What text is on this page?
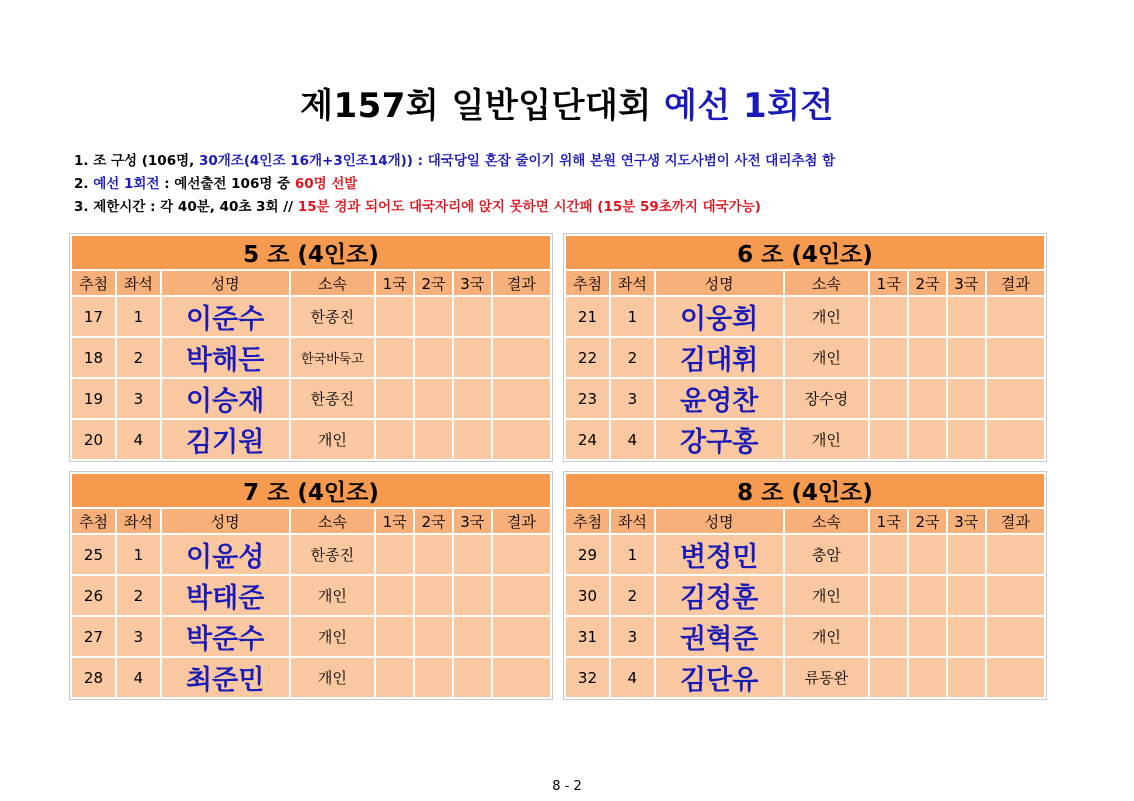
제157회 일반입단대회 예선 1회전
1. 조 구성 (106명, 30개조(4인조 16개+3인조14개)) : 대국당일 혼잡 줄이기 위해 본원 연구생 지도사범이 사전 대리추첨 함
2. 예선 1회전 : 예선출전 106명 중 60명 선발
3. 제한시간 : 각 40분, 40초 3회 // 15분 경과 되어도 대국자리에 앉지 못하면 시간패 (15분 59초까지 대국가능)
5 조 (4인조)							
추첨	좌석	성명	소속	1국	2국	3국	결과
17	1	이준수	한종진				
18	2	박해든	한국바둑고				
19	3	이승재	한종진				
20	4	김기원	개인				
6 조 (4인조)							
추첨	좌석	성명	소속	1국	2국	3국	결과
21	1	이웅희	개인				
22	2	김대휘	개인				
23	3	윤영찬	장수영				
24	4	강구홍	개인				
7 조 (4인조)							
추첨	좌석	성명	소속	1국	2국	3국	결과
25	1	이윤성	한종진				
26	2	박태준	개인				
27	3	박준수	개인				
28	4	최준민	개인				
8 조 (4인조)							
추첨	좌석	성명	소속	1국	2국	3국	결과
29	1	변정민	충암				
30	2	김정훈	개인				
31	3	권혁준	개인				
32	4	김단유	류동완				
8 - 2
